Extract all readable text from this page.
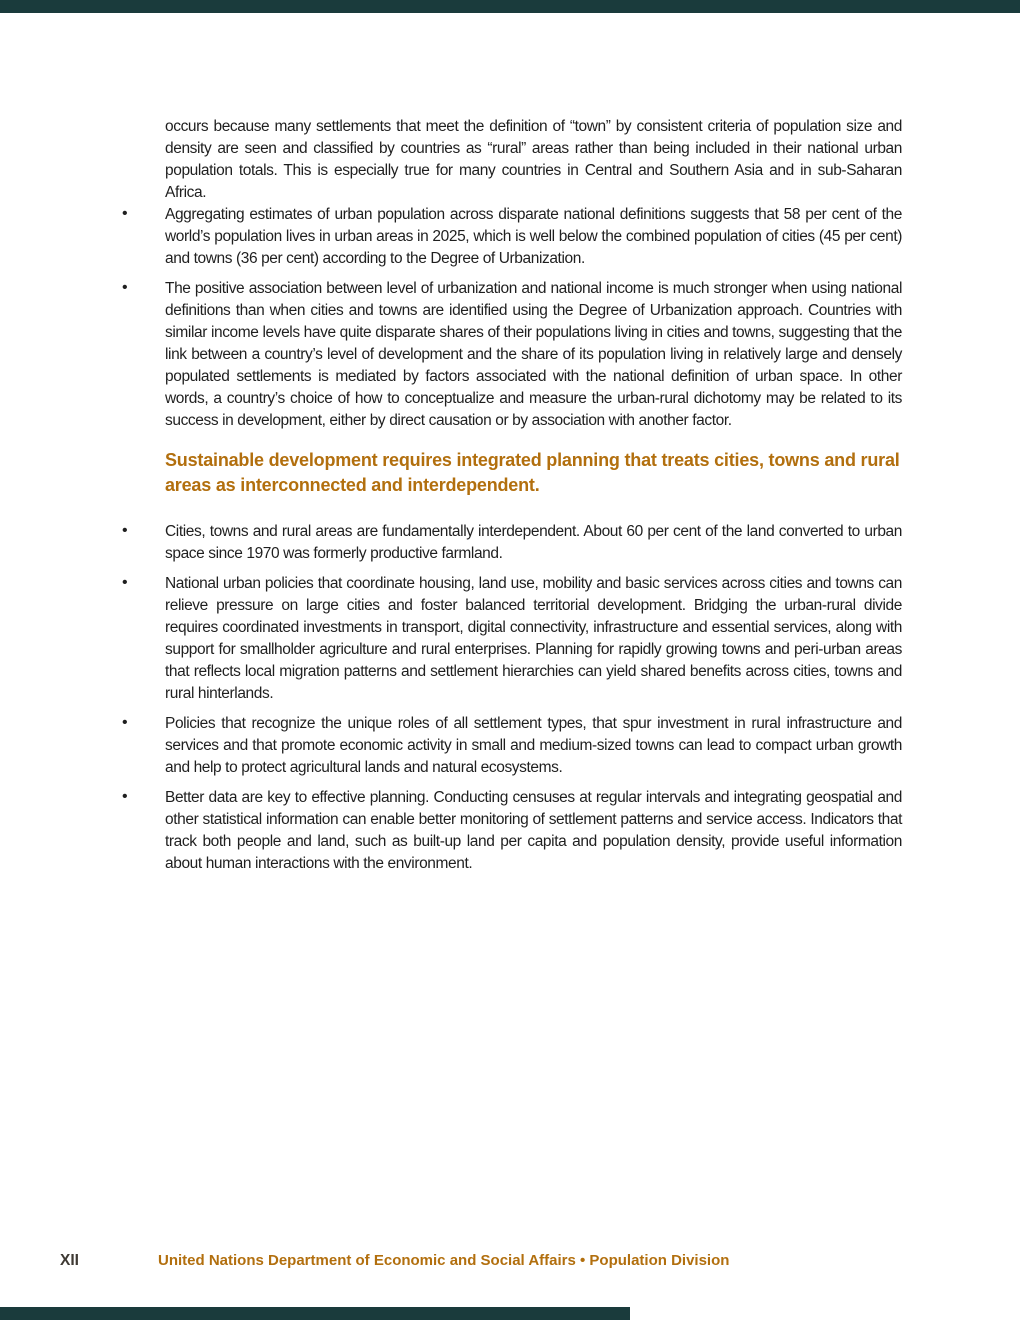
occurs because many settlements that meet the definition of “town” by consistent criteria of population size and density are seen and classified by countries as “rural” areas rather than being included in their national urban population totals. This is especially true for many countries in Central and Southern Asia and in sub-Saharan Africa.

• Aggregating estimates of urban population across disparate national definitions suggests that 58 per cent of the world’s population lives in urban areas in 2025, which is well below the combined population of cities (45 per cent) and towns (36 per cent) according to the Degree of Urbanization.

• The positive association between level of urbanization and national income is much stronger when using national definitions than when cities and towns are identified using the Degree of Urbanization approach. Countries with similar income levels have quite disparate shares of their populations living in cities and towns, suggesting that the link between a country’s level of development and the share of its population living in relatively large and densely populated settlements is mediated by factors associated with the national definition of urban space. In other words, a country’s choice of how to conceptualize and measure the urban-rural dichotomy may be related to its success in development, either by direct causation or by association with another factor.

Sustainable development requires integrated planning that treats cities, towns and rural areas as interconnected and interdependent.
• Cities, towns and rural areas are fundamentally interdependent. About 60 per cent of the land converted to urban space since 1970 was formerly productive farmland.

• National urban policies that coordinate housing, land use, mobility and basic services across cities and towns can relieve pressure on large cities and foster balanced territorial development. Bridging the urban-rural divide requires coordinated investments in transport, digital connectivity, infrastructure and essential services, along with support for smallholder agriculture and rural enterprises. Planning for rapidly growing towns and peri-urban areas that reflects local migration patterns and settlement hierarchies can yield shared benefits across cities, towns and rural hinterlands.

• Policies that recognize the unique roles of all settlement types, that spur investment in rural infrastructure and services and that promote economic activity in small and medium-sized towns can lead to compact urban growth and help to protect agricultural lands and natural ecosystems.

• Better data are key to effective planning. Conducting censuses at regular intervals and integrating geospatial and other statistical information can enable better monitoring of settlement patterns and service access. Indicators that track both people and land, such as built-up land per capita and population density, provide useful information about human interactions with the environment.

XII	United Nations Department of Economic and Social Affairs • Population Division
